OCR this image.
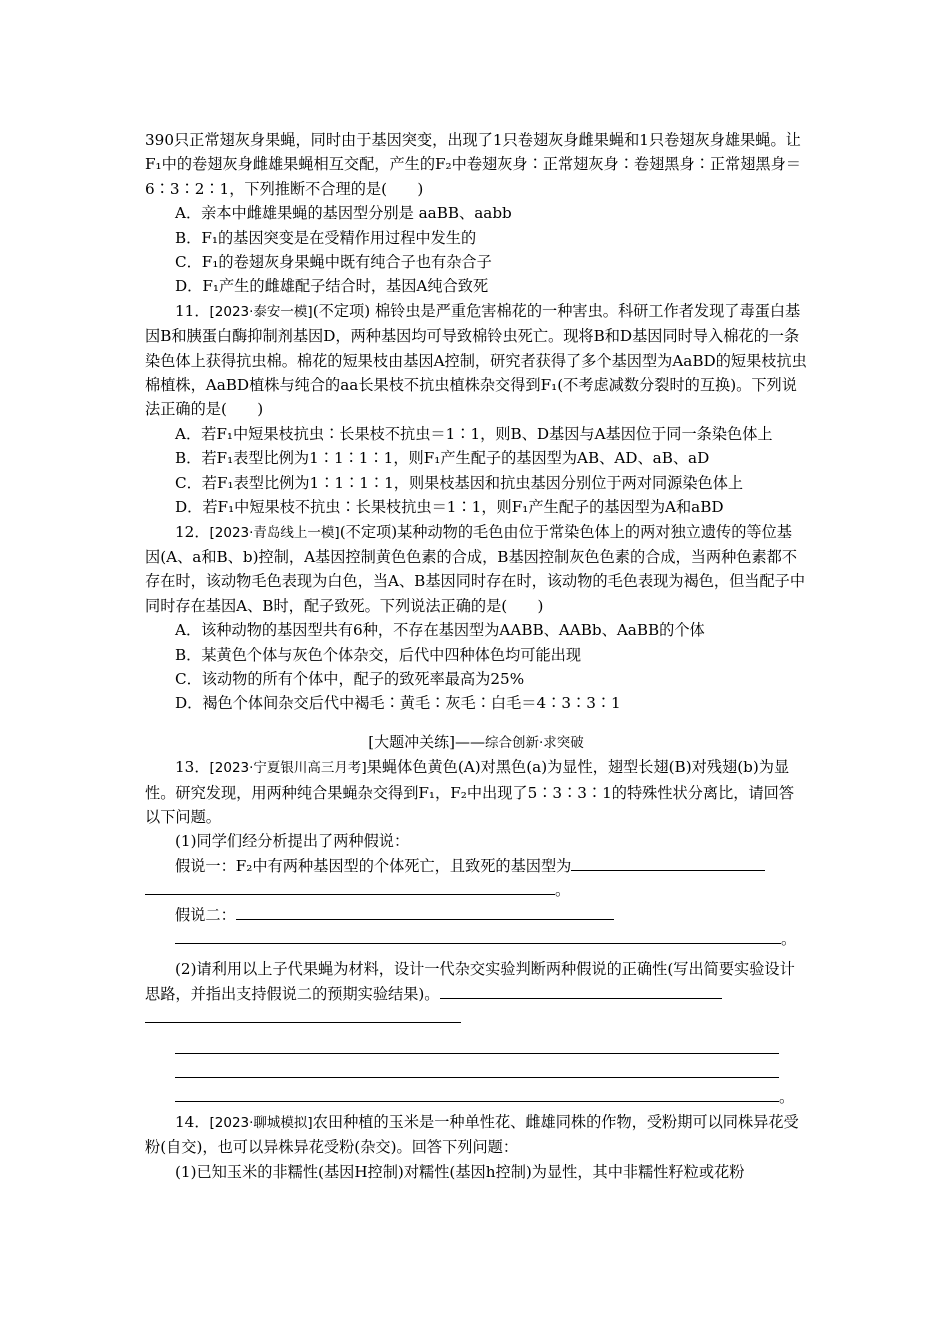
390只正常翅灰身果蝇，同时由于基因突变，出现了1只卷翅灰身雌果蝇和1只卷翅灰身雄果蝇。让F₁中的卷翅灰身雌雄果蝇相互交配，产生的F₂中卷翅灰身∶正常翅灰身∶卷翅黑身∶正常翅黑身＝6∶3∶2∶1，下列推断不合理的是(　　)

A．亲本中雌雄果蝇的基因型分别是 aaBB、aabb

B．F₁的基因突变是在受精作用过程中发生的

C．F₁的卷翅灰身果蝇中既有纯合子也有杂合子

D．F₁产生的雌雄配子结合时，基因A纯合致死

11．[2023·泰安一模](不定项) 棉铃虫是严重危害棉花的一种害虫。科研工作者发现了毒蛋白基因B和胰蛋白酶抑制剂基因D，两种基因均可导致棉铃虫死亡。现将B和D基因同时导入棉花的一条染色体上获得抗虫棉。棉花的短果枝由基因A控制，研究者获得了多个基因型为AaBD的短果枝抗虫棉植株，AaBD植株与纯合的aa长果枝不抗虫植株杂交得到F₁(不考虑减数分裂时的互换)。下列说法正确的是(　　)

A．若F₁中短果枝抗虫∶长果枝不抗虫＝1∶1，则B、D基因与A基因位于同一条染色体上

B．若F₁表型比例为1∶1∶1∶1，则F₁产生配子的基因型为AB、AD、aB、aD

C．若F₁表型比例为1∶1∶1∶1，则果枝基因和抗虫基因分别位于两对同源染色体上

D．若F₁中短果枝不抗虫∶长果枝抗虫＝1∶1，则F₁产生配子的基因型为A和aBD

12．[2023·青岛线上一模](不定项)某种动物的毛色由位于常染色体上的两对独立遗传的等位基因(A、a和B、b)控制，A基因控制黄色色素的合成，B基因控制灰色色素的合成，当两种色素都不存在时，该动物毛色表现为白色，当A、B基因同时存在时，该动物的毛色表现为褐色，但当配子中同时存在基因A、B时，配子致死。下列说法正确的是(　　)

A．该种动物的基因型共有6种，不存在基因型为AABB、AABb、AaBB的个体

B．某黄色个体与灰色个体杂交，后代中四种体色均可能出现

C．该动物的所有个体中，配子的致死率最高为25%

D．褐色个体间杂交后代中褐毛∶黄毛∶灰毛∶白毛＝4∶3∶3∶1

[大题冲关练]——综合创新·求突破

13．[2023·宁夏银川高三月考]果蝇体色黄色(A)对黑色(a)为显性，翅型长翅(B)对残翅(b)为显性。研究发现，用两种纯合果蝇杂交得到F₁，F₂中出现了5∶3∶3∶1的特殊性状分离比，请回答以下问题。

(1)同学们经分析提出了两种假说：

假说一：F₂中有两种基因型的个体死亡，且致死的基因型为

。

假说二：

。

(2)请利用以上子代果蝇为材料，设计一代杂交实验判断两种假说的正确性(写出简要实验设计思路，并指出支持假说二的预期实验结果)。

。

14．[2023·聊城模拟]农田种植的玉米是一种单性花、雌雄同株的作物，受粉期可以同株异花受粉(自交)，也可以异株异花受粉(杂交)。回答下列问题：

(1)已知玉米的非糯性(基因H控制)对糯性(基因h控制)为显性，其中非糯性籽粒或花粉
